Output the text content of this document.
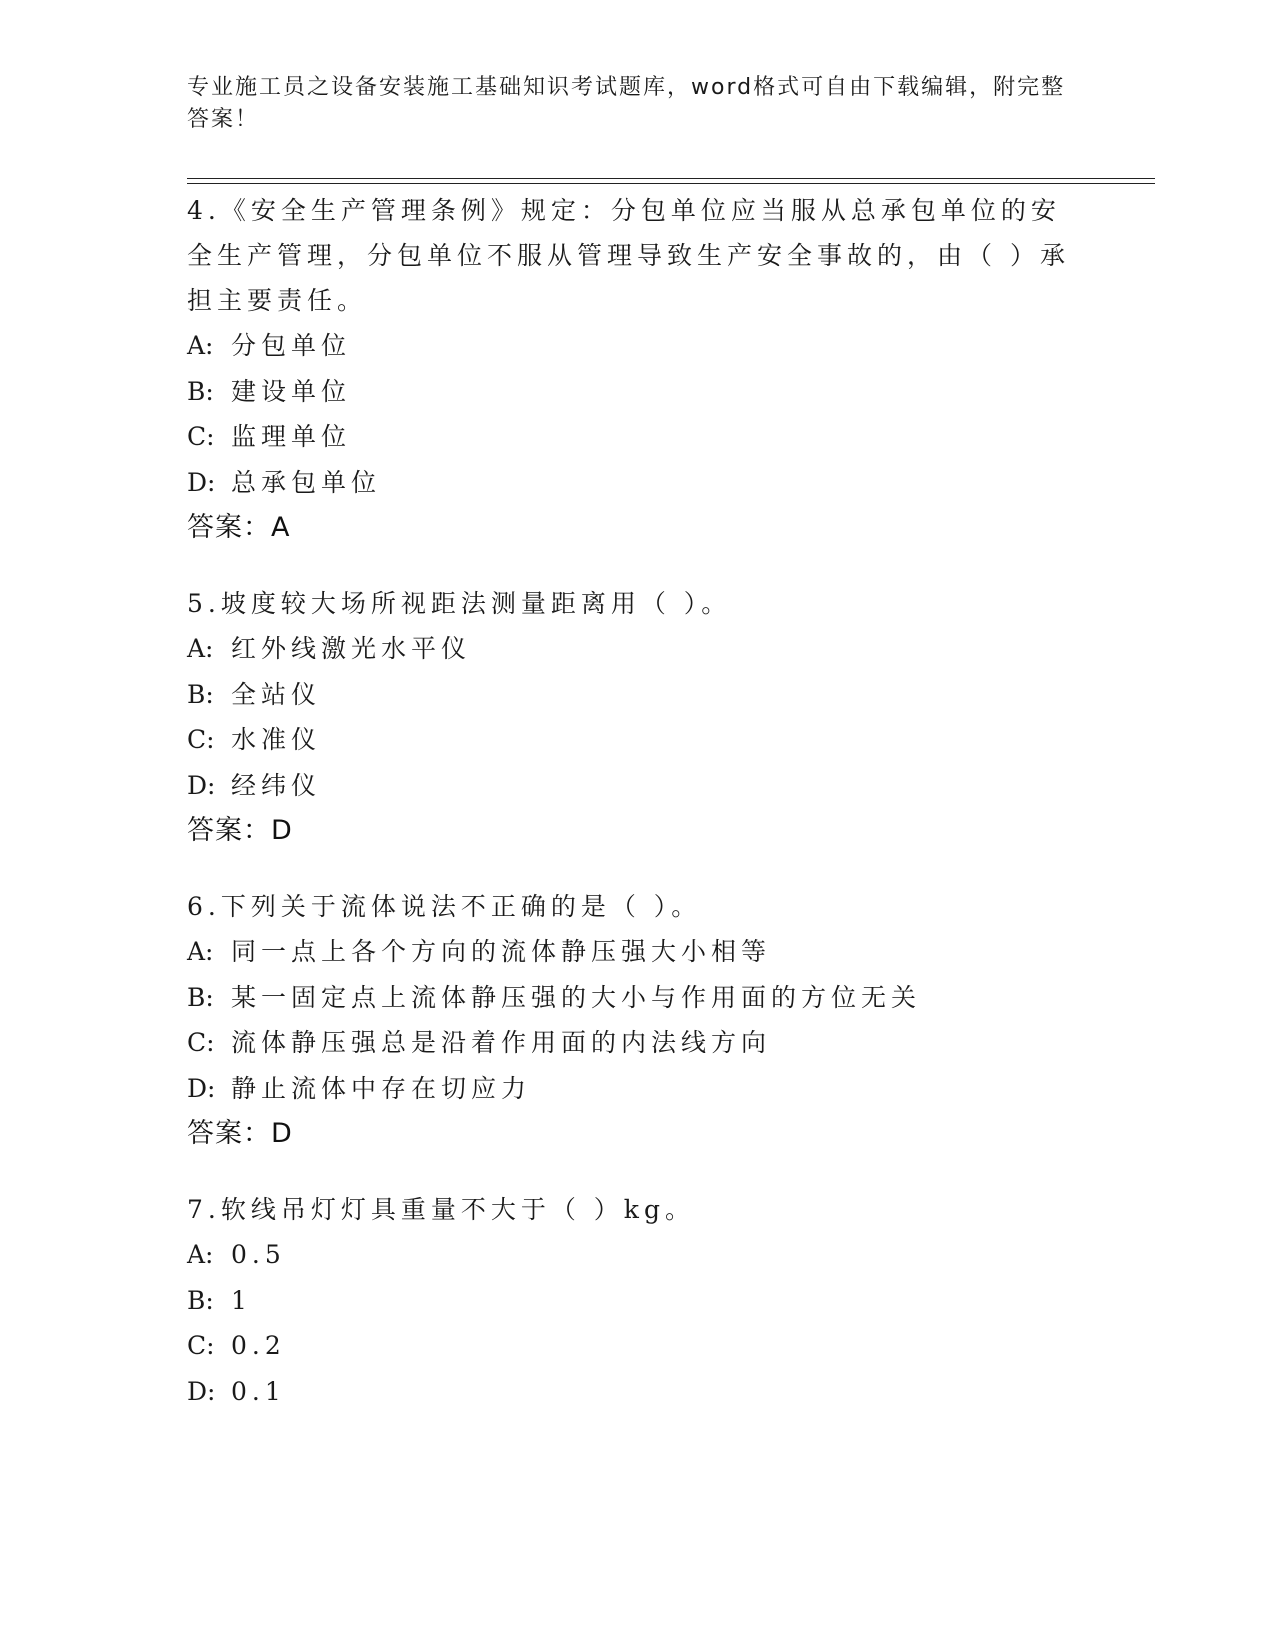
专业施工员之设备安装施工基础知识考试题库，word格式可自由下载编辑，附完整答案！
4.《安全生产管理条例》规定：分包单位应当服从总承包单位的安全生产管理，分包单位不服从管理导致生产安全事故的，由（ ）承担主要责任。
A: 分包单位
B: 建设单位
C: 监理单位
D: 总承包单位
答案：A
5.坡度较大场所视距法测量距离用（ ）。
A: 红外线激光水平仪
B: 全站仪
C: 水准仪
D: 经纬仪
答案：D
6.下列关于流体说法不正确的是（ ）。
A: 同一点上各个方向的流体静压强大小相等
B: 某一固定点上流体静压强的大小与作用面的方位无关
C: 流体静压强总是沿着作用面的内法线方向
D: 静止流体中存在切应力
答案：D
7.软线吊灯灯具重量不大于（ ）kg。
A: 0.5
B: 1
C: 0.2
D: 0.1
